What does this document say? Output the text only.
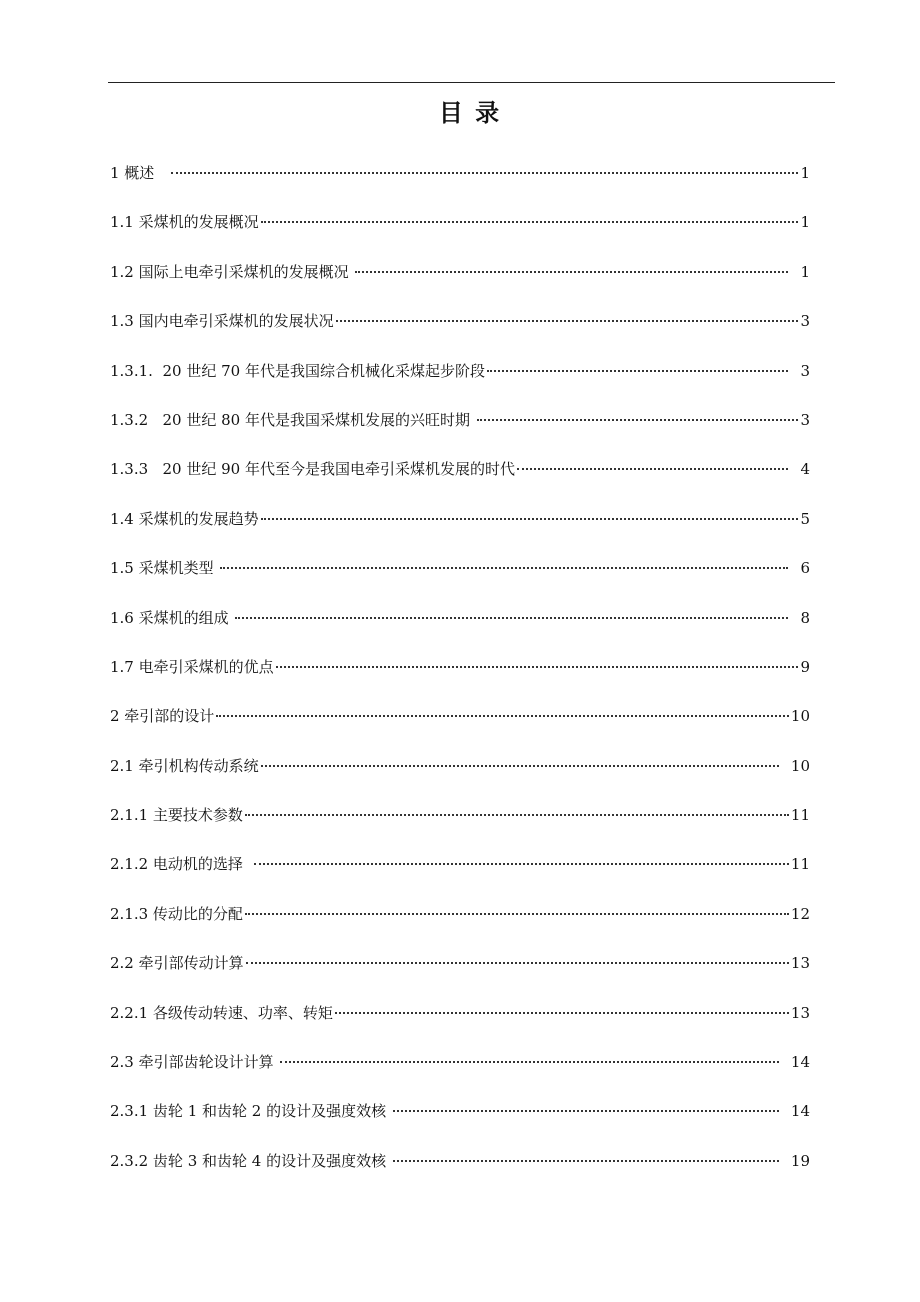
目 录
1 概述	1
1.1 采煤机的发展概况	1
1.2 国际上电牵引采煤机的发展概况	1
1.3 国内电牵引采煤机的发展状况	3
1.3.1.  20 世纪 70 年代是我国综合机械化采煤起步阶段	3
1.3.2   20 世纪 80 年代是我国采煤机发展的兴旺时期	3
1.3.3   20 世纪 90 年代至今是我国电牵引采煤机发展的时代	4
1.4 采煤机的发展趋势	5
1.5 采煤机类型	6
1.6 采煤机的组成	8
1.7 电牵引采煤机的优点	9
2 牵引部的设计	10
2.1 牵引机构传动系统	10
2.1.1 主要技术参数	11
2.1.2 电动机的选择	11
2.1.3 传动比的分配	12
2.2 牵引部传动计算	13
2.2.1 各级传动转速、功率、转矩	13
2.3 牵引部齿轮设计计算	14
2.3.1 齿轮 1 和齿轮 2 的设计及强度效核	14
2.3.2 齿轮 3 和齿轮 4 的设计及强度效核	19
